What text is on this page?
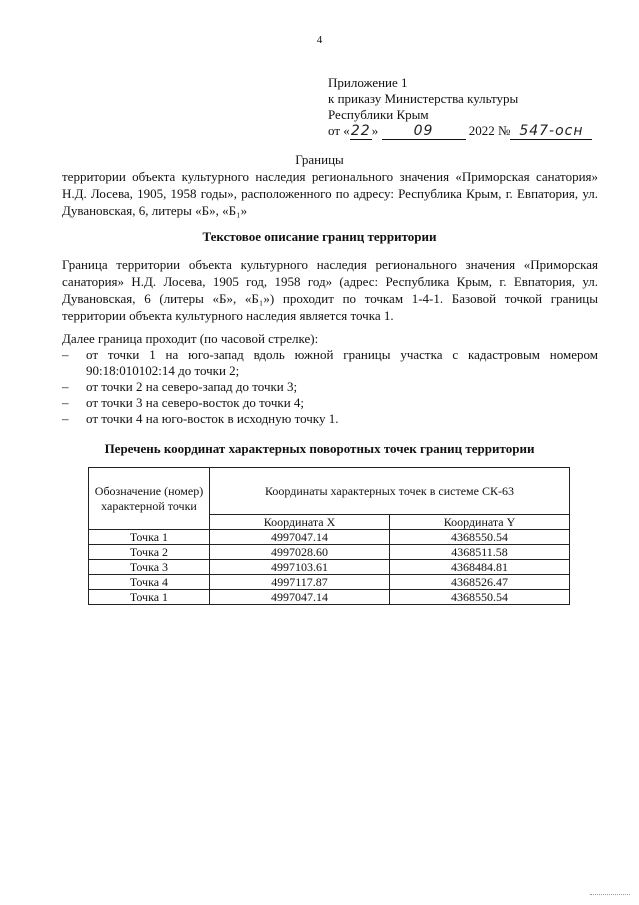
4
Приложение 1
к приказу Министерства культуры
Республики Крым
от «22»	09	2022 № 547-осн
Границы
территории объекта культурного наследия регионального значения «Приморская санатория» Н.Д. Лосева, 1905, 1958 годы», расположенного по адресу: Республика Крым, г. Евпатория, ул. Дувановская, 6, литеры «Б», «Б₁»
Текстовое описание границ территории
Граница территории объекта культурного наследия регионального значения «Приморская санатория» Н.Д. Лосева, 1905 год, 1958 год» (адрес: Республика Крым, г. Евпатория, ул. Дувановская, 6 (литеры «Б», «Б₁») проходит по точкам 1-4-1. Базовой точкой границы территории объекта культурного наследия является точка 1.
Далее граница проходит (по часовой стрелке):
– от точки 1 на юго-запад вдоль южной границы участка с кадастровым номером 90:18:010102:14 до точки 2;
– от точки 2 на северо-запад до точки 3;
– от точки 3 на северо-восток до точки 4;
– от точки 4 на юго-восток в исходную точку 1.
Перечень координат характерных поворотных точек границ территории
Обозначение (номер) характерной точки	Координаты характерных точек в системе СК-63	
	Координата X	Координата Y
Точка 1	4997047.14	4368550.54
Точка 2	4997028.60	4368511.58
Точка 3	4997103.61	4368484.81
Точка 4	4997117.87	4368526.47
Точка 1	4997047.14	4368550.54
